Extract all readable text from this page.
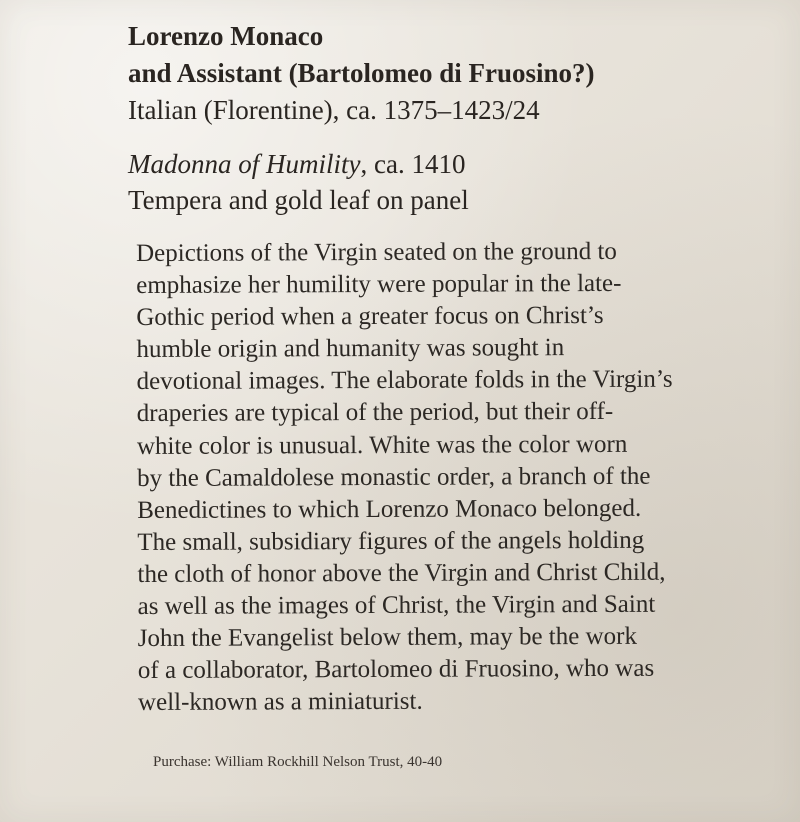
Lorenzo Monaco
and Assistant (Bartolomeo di Fruosino?)
Italian (Florentine), ca. 1375–1423/24
Madonna of Humility, ca. 1410
Tempera and gold leaf on panel
Depictions of the Virgin seated on the ground to
emphasize her humility were popular in the late-
Gothic period when a greater focus on Christ’s
humble origin and humanity was sought in
devotional images. The elaborate folds in the Virgin’s
draperies are typical of the period, but their off-
white color is unusual. White was the color worn
by the Camaldolese monastic order, a branch of the
Benedictines to which Lorenzo Monaco belonged.
The small, subsidiary figures of the angels holding
the cloth of honor above the Virgin and Christ Child,
as well as the images of Christ, the Virgin and Saint
John the Evangelist below them, may be the work
of a collaborator, Bartolomeo di Fruosino, who was
well-known as a miniaturist.
Purchase: William Rockhill Nelson Trust, 40-40
